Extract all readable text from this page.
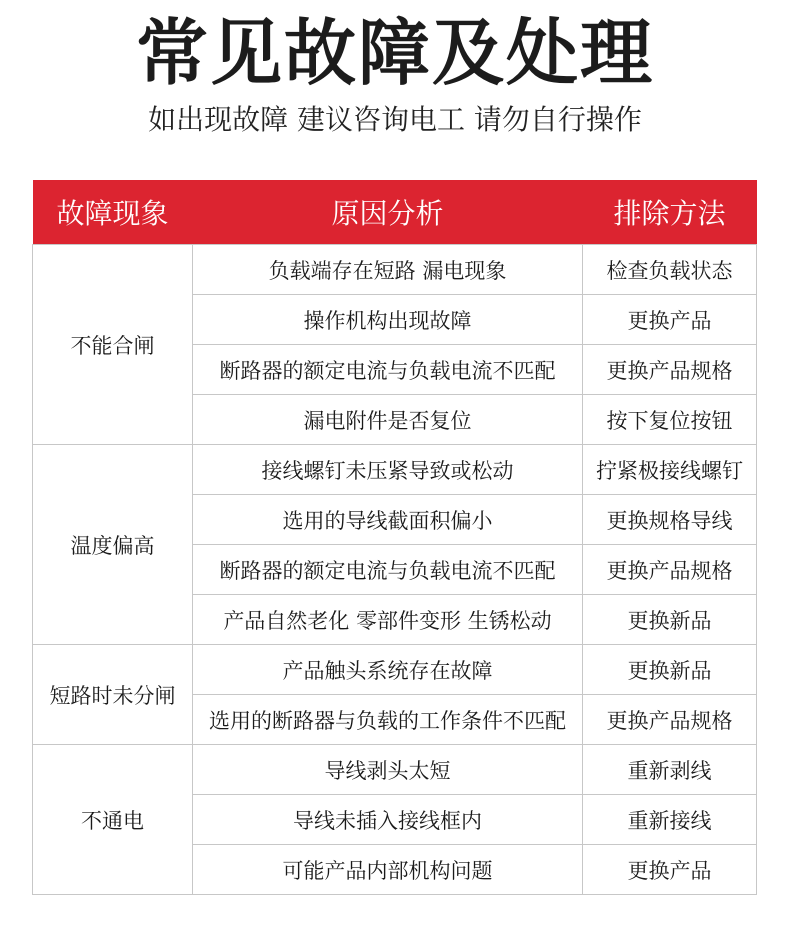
常见故障及处理
如出现故障 建议咨询电工 请勿自行操作
故障现象	原因分析	排除方法
不能合闸	负载端存在短路 漏电现象	检查负载状态
	操作机构出现故障	更换产品
	断路器的额定电流与负载电流不匹配	更换产品规格
	漏电附件是否复位	按下复位按钮
温度偏高	接线螺钉未压紧导致或松动	拧紧极接线螺钉
	选用的导线截面积偏小	更换规格导线
	断路器的额定电流与负载电流不匹配	更换产品规格
	产品自然老化 零部件变形 生锈松动	更换新品
短路时未分闸	产品触头系统存在故障	更换新品
	选用的断路器与负载的工作条件不匹配	更换产品规格
不通电	导线剥头太短	重新剥线
	导线未插入接线框内	重新接线
	可能产品内部机构问题	更换产品
